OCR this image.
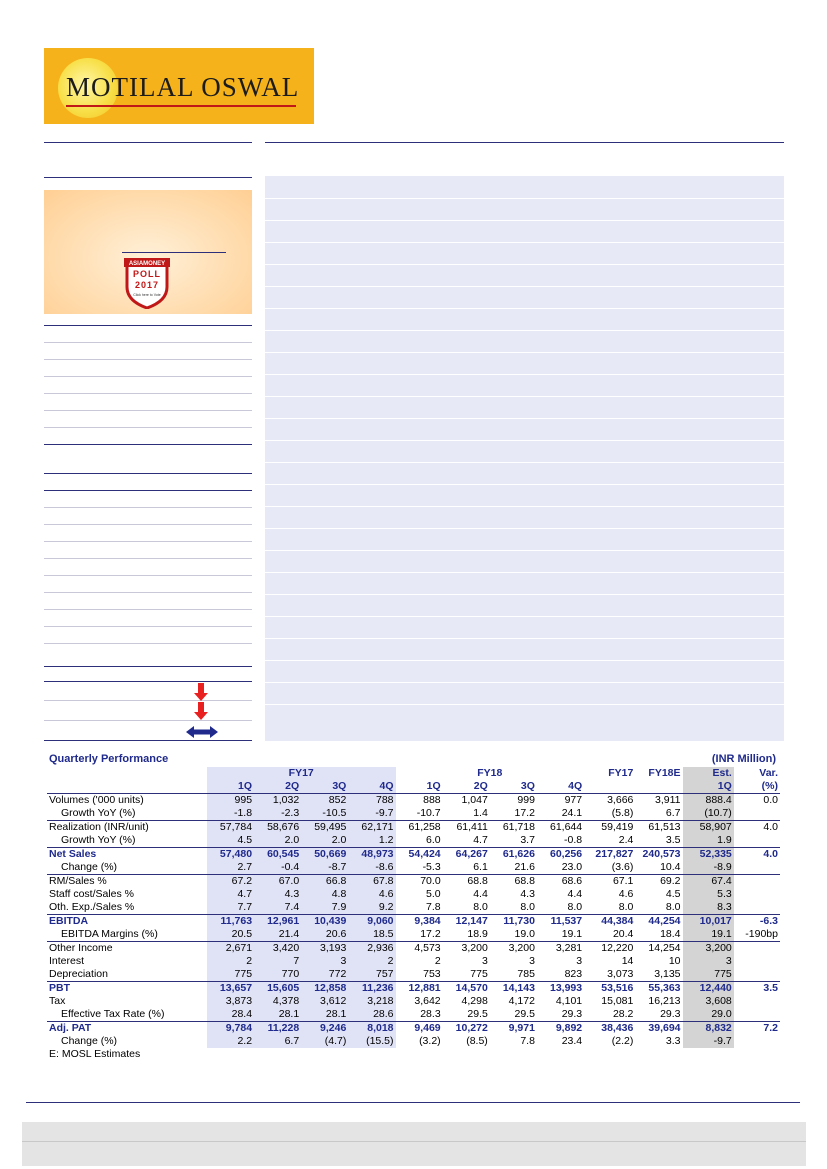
MOTILAL OSWAL
ASIAMONEY
POLL
2017
Click here to Vote
Quarterly Performance	(INR Million)
	FY17				FY18				FY17	FY18E	Est.	Var.
	1Q	2Q	3Q	4Q	1Q	2Q	3Q	4Q			1Q	(%)
Volumes ('000 units)	995	1,032	852	788	888	1,047	999	977	3,666	3,911	888.4	0.0
Growth YoY (%)	-1.8	-2.3	-10.5	-9.7	-10.7	1.4	17.2	24.1	(5.8)	6.7	(10.7)	
Realization (INR/unit)	57,784	58,676	59,495	62,171	61,258	61,411	61,718	61,644	59,419	61,513	58,907	4.0
Growth YoY (%)	4.5	2.0	2.0	1.2	6.0	4.7	3.7	-0.8	2.4	3.5	1.9	
Net Sales	57,480	60,545	50,669	48,973	54,424	64,267	61,626	60,256	217,827	240,573	52,335	4.0
Change (%)	2.7	-0.4	-8.7	-8.6	-5.3	6.1	21.6	23.0	(3.6)	10.4	-8.9	
RM/Sales %	67.2	67.0	66.8	67.8	70.0	68.8	68.8	68.6	67.1	69.2	67.4	
Staff cost/Sales %	4.7	4.3	4.8	4.6	5.0	4.4	4.3	4.4	4.6	4.5	5.3	
Oth. Exp./Sales %	7.7	7.4	7.9	9.2	7.8	8.0	8.0	8.0	8.0	8.0	8.3	
EBITDA	11,763	12,961	10,439	9,060	9,384	12,147	11,730	11,537	44,384	44,254	10,017	-6.3
EBITDA Margins (%)	20.5	21.4	20.6	18.5	17.2	18.9	19.0	19.1	20.4	18.4	19.1	-190bp
Other Income	2,671	3,420	3,193	2,936	4,573	3,200	3,200	3,281	12,220	14,254	3,200	
Interest	2	7	3	2	2	3	3	3	14	10	3	
Depreciation	775	770	772	757	753	775	785	823	3,073	3,135	775	
PBT	13,657	15,605	12,858	11,236	12,881	14,570	14,143	13,993	53,516	55,363	12,440	3.5
Tax	3,873	4,378	3,612	3,218	3,642	4,298	4,172	4,101	15,081	16,213	3,608	
Effective Tax Rate (%)	28.4	28.1	28.1	28.6	28.3	29.5	29.5	29.3	28.2	29.3	29.0	
Adj. PAT	9,784	11,228	9,246	8,018	9,469	10,272	9,971	9,892	38,436	39,694	8,832	7.2
Change (%)	2.2	6.7	(4.7)	(15.5)	(3.2)	(8.5)	7.8	23.4	(2.2)	3.3	-9.7	
E: MOSL Estimates
